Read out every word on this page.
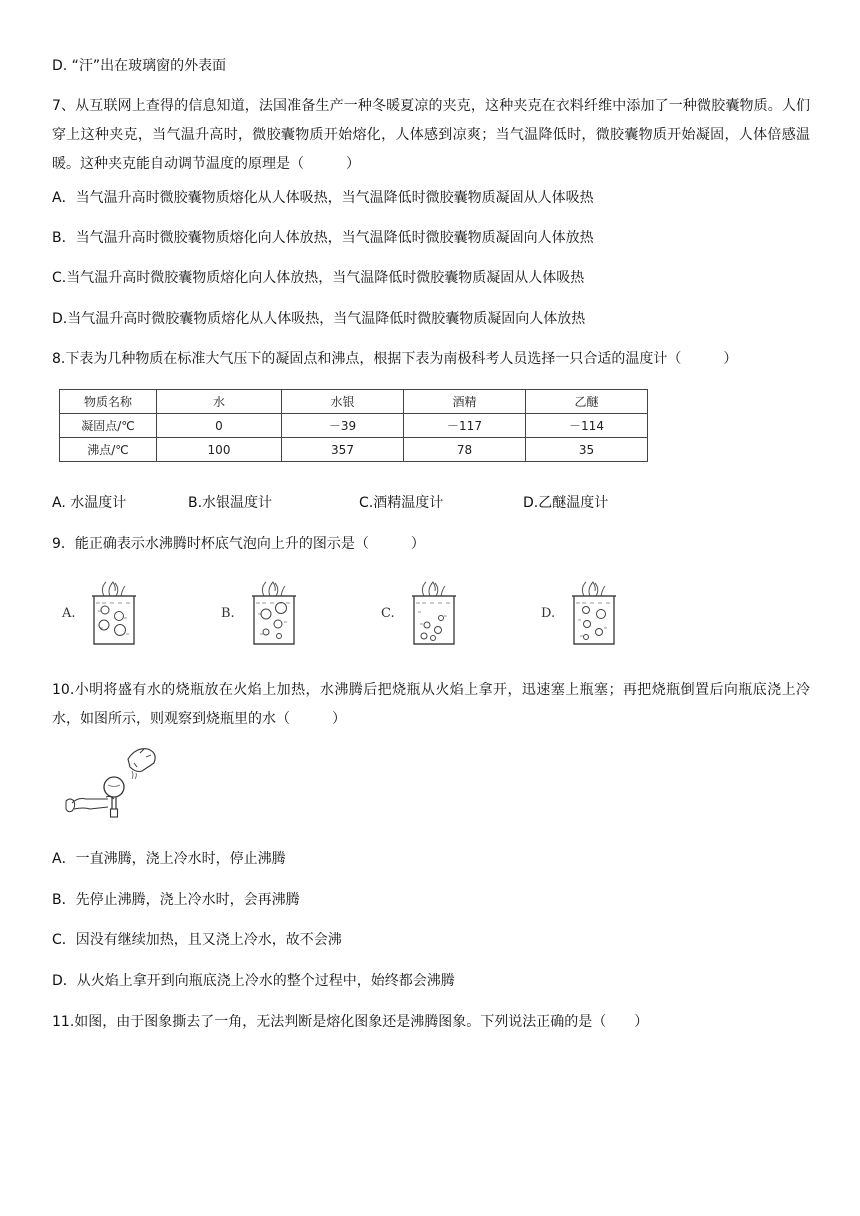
D. “汗”出在玻璃窗的外表面
7、从互联网上查得的信息知道，法国准备生产一种冬暖夏凉的夹克，这种夹克在衣料纤维中添加了一种微胶囊物质。人们穿上这种夹克，当气温升高时，微胶囊物质开始熔化，人体感到凉爽；当气温降低时，微胶囊物质开始凝固，人体倍感温暖。这种夹克能自动调节温度的原理是（　　　）
A．当气温升高时微胶囊物质熔化从人体吸热，当气温降低时微胶囊物质凝固从人体吸热
B．当气温升高时微胶囊物质熔化向人体放热，当气温降低时微胶囊物质凝固向人体放热
C.当气温升高时微胶囊物质熔化向人体放热，当气温降低时微胶囊物质凝固从人体吸热
D.当气温升高时微胶囊物质熔化从人体吸热，当气温降低时微胶囊物质凝固向人体放热
8.下表为几种物质在标准大气压下的凝固点和沸点，根据下表为南极科考人员选择一只合适的温度计（　　　）
物质名称	水	水银	酒精	乙醚
凝固点/℃	0	－39	－117	－114
沸点/℃	100	357	78	35
A. 水温度计	B.水银温度计	C.酒精温度计	D.乙醚温度计
9．能正确表示水沸腾时杯底气泡向上升的图示是（　　　）
A.	B.	C.	D.
10.小明将盛有水的烧瓶放在火焰上加热，水沸腾后把烧瓶从火焰上拿开，迅速塞上瓶塞；再把烧瓶倒置后向瓶底浇上冷水，如图所示，则观察到烧瓶里的水（　　　）
A．一直沸腾，浇上冷水时，停止沸腾
B．先停止沸腾，浇上冷水时，会再沸腾
C．因没有继续加热，且又浇上冷水，故不会沸
D．从火焰上拿开到向瓶底浇上冷水的整个过程中，始终都会沸腾
11.如图，由于图象撕去了一角，无法判断是熔化图象还是沸腾图象。下列说法正确的是（　　）
